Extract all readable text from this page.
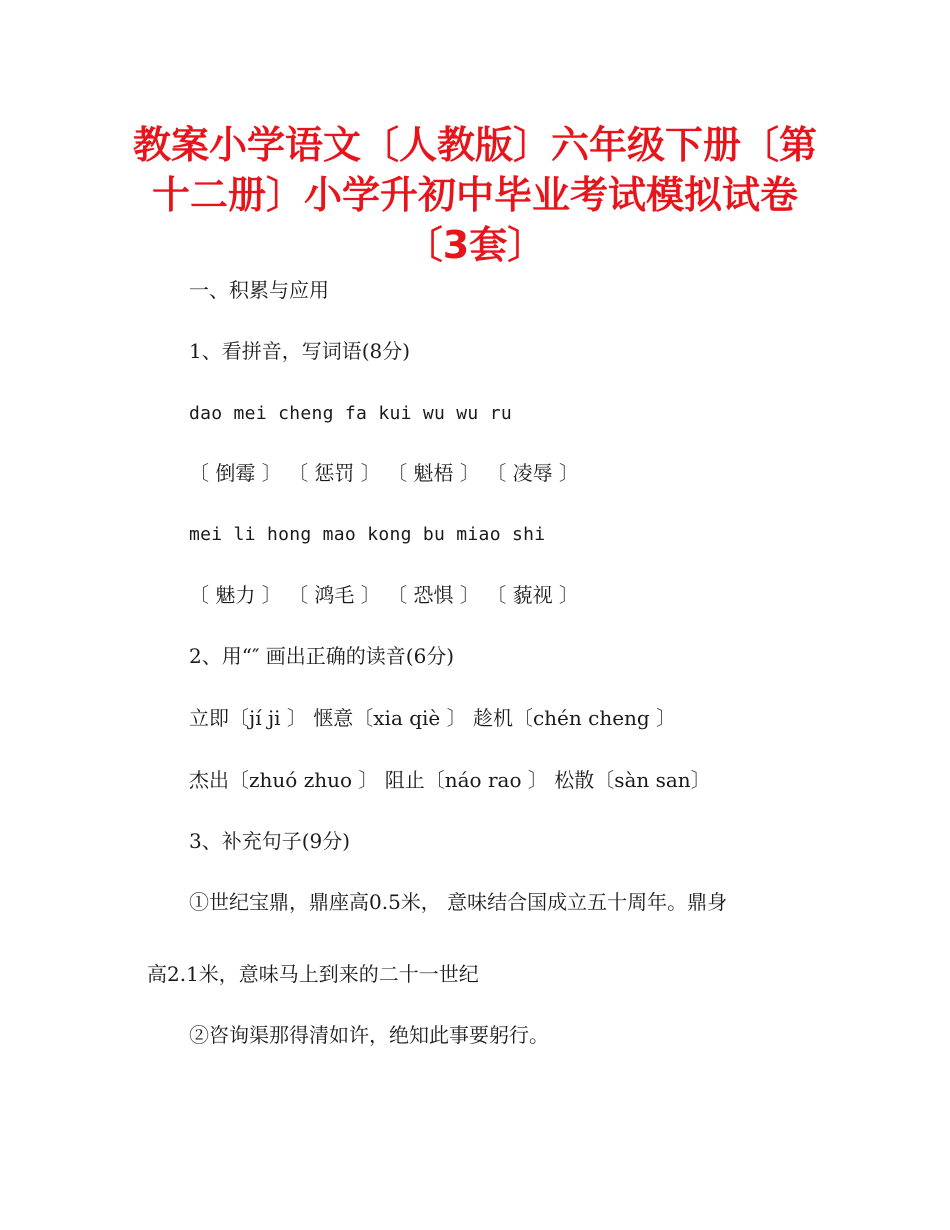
教案小学语文〔人教版〕六年级下册〔第
十二册〕小学升初中毕业考试模拟试卷
〔3套〕
一、积累与应用
1、看拼音，写词语(8分)
dao mei cheng fa kui wu wu ru
〔 倒霉 〕 〔 惩罚 〕 〔 魁梧 〕 〔 凌辱 〕
mei li hong mao kong bu miao shi
〔 魅力 〕 〔 鸿毛 〕 〔 恐惧 〕 〔 藐视 〕
2、用“″ 画出正确的读音(6分)
立即〔jí ji 〕 惬意〔xia qiè 〕 趁机〔chén cheng 〕
杰出〔zhuó zhuo 〕 阻止〔náo rao 〕 松散〔sàn san〕
3、补充句子(9分)
①世纪宝鼎，鼎座高0.5米， 意味结合国成立五十周年。鼎身
高2.1米，意味马上到来的二十一世纪
②咨询渠那得清如许，绝知此事要躬行。
